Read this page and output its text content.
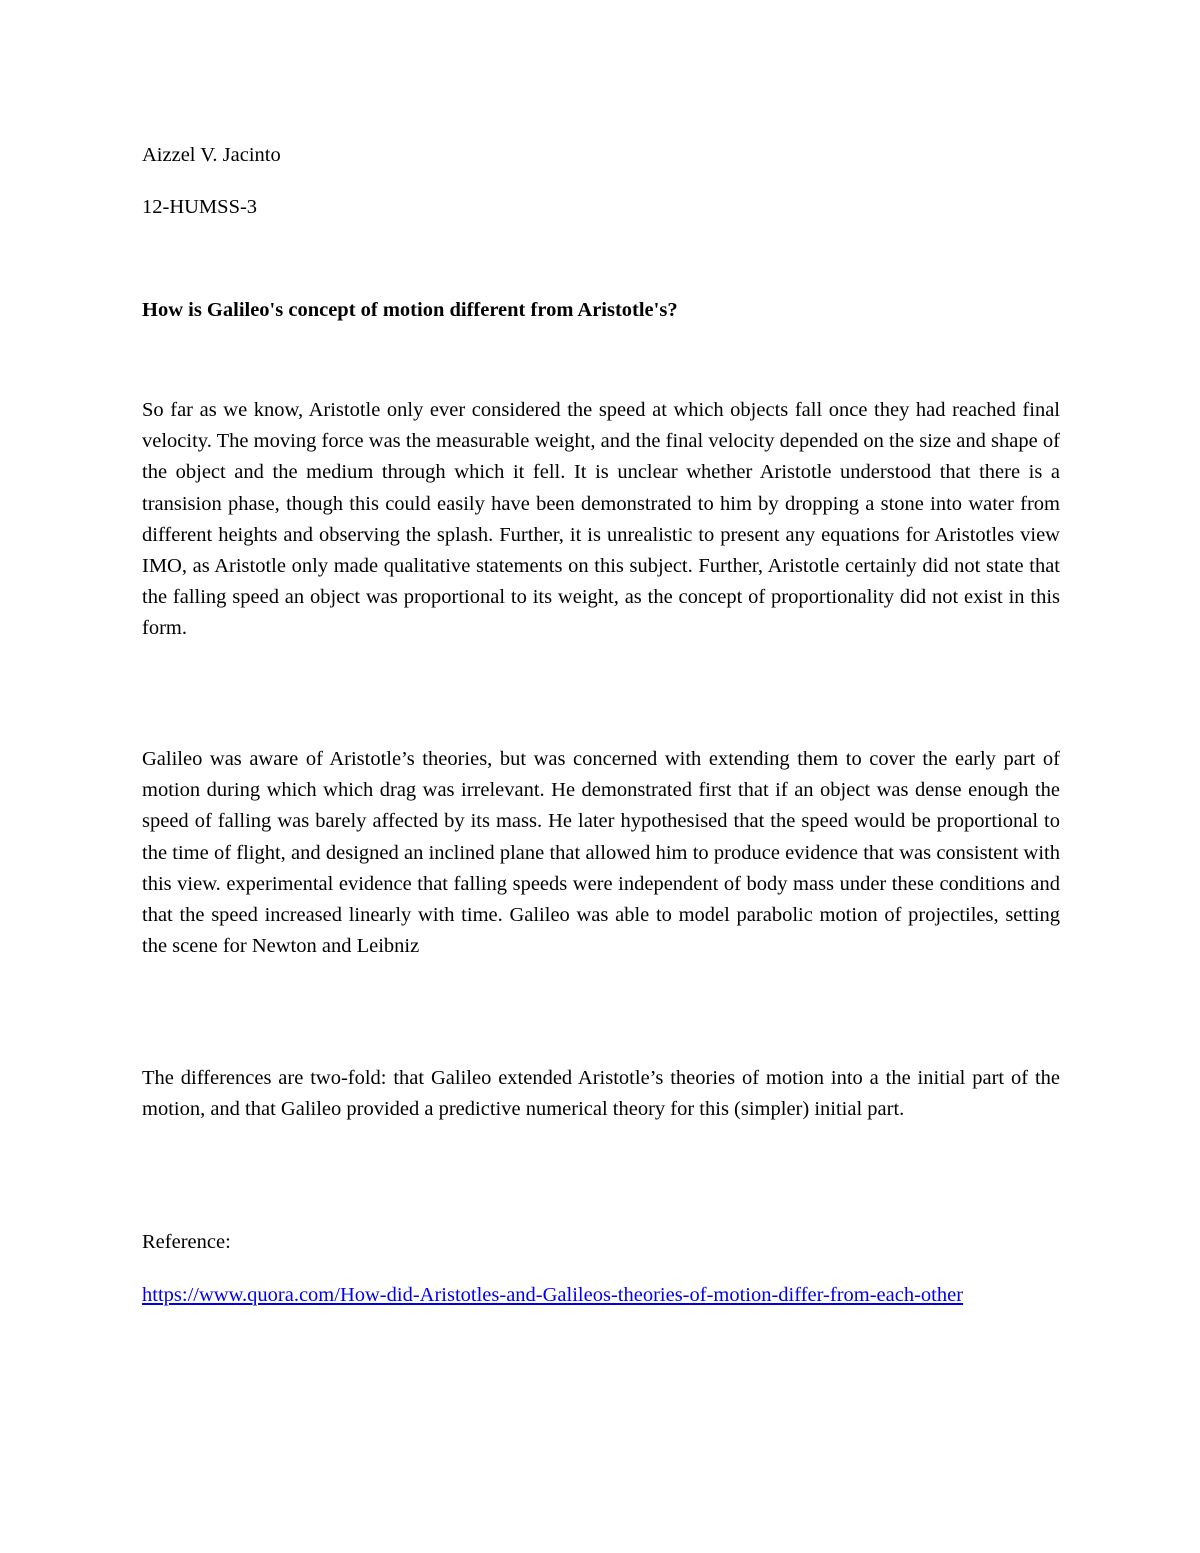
Aizzel V. Jacinto

12-HUMSS-3

How is Galileo's concept of motion different from Aristotle's?

So far as we know, Aristotle only ever considered the speed at which objects fall once they had reached final velocity. The moving force was the measurable weight, and the final velocity depended on the size and shape of the object and the medium through which it fell. It is unclear whether Aristotle understood that there is a transision phase, though this could easily have been demonstrated to him by dropping a stone into water from different heights and observing the splash. Further, it is unrealistic to present any equations for Aristotles view IMO, as Aristotle only made qualitative statements on this subject. Further, Aristotle certainly did not state that the falling speed an object was proportional to its weight, as the concept of proportionality did not exist in this form.

Galileo was aware of Aristotle’s theories, but was concerned with extending them to cover the early part of motion during which which drag was irrelevant. He demonstrated first that if an object was dense enough the speed of falling was barely affected by its mass. He later hypothesised that the speed would be proportional to the time of flight, and designed an inclined plane that allowed him to produce evidence that was consistent with this view. experimental evidence that falling speeds were independent of body mass under these conditions and that the speed increased linearly with time. Galileo was able to model parabolic motion of projectiles, setting the scene for Newton and Leibniz

The differences are two-fold: that Galileo extended Aristotle’s theories of motion into a the initial part of the motion, and that Galileo provided a predictive numerical theory for this (simpler) initial part.

Reference:

https://www.quora.com/How-did-Aristotles-and-Galileos-theories-of-motion-differ-from-each-other
